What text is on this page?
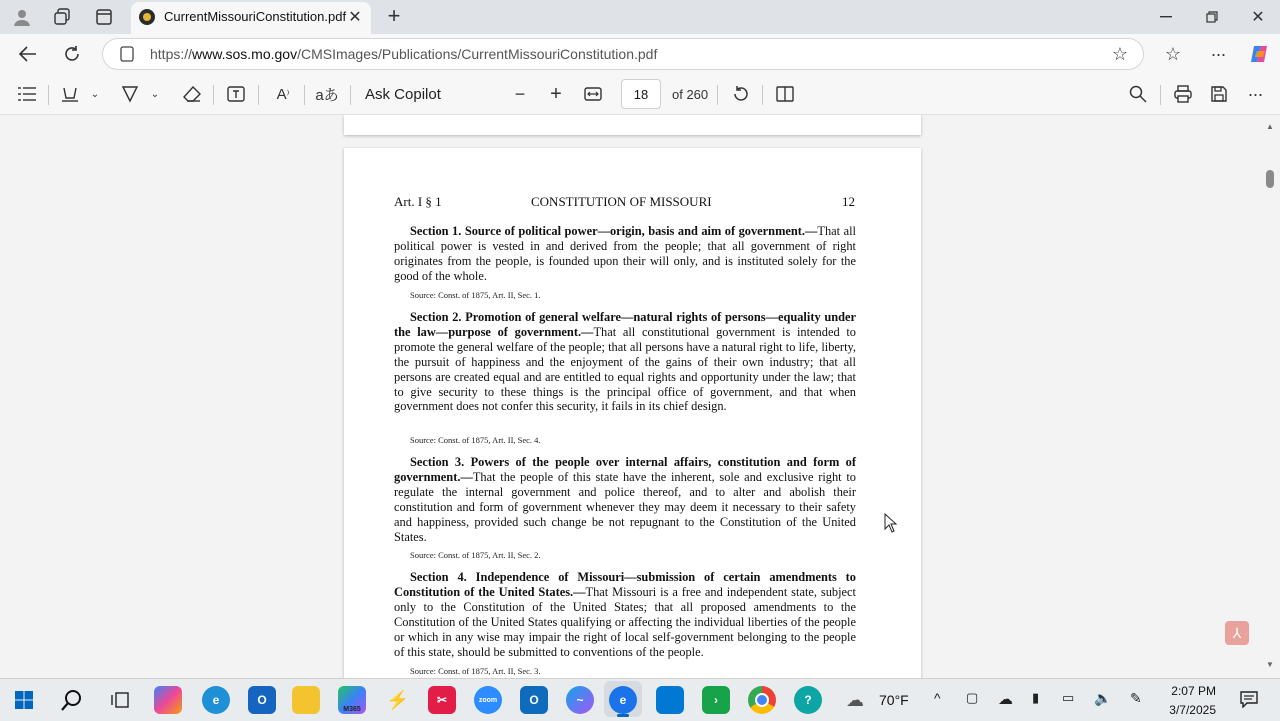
CurrentMissouriConstitution.pdf ✕ +	✕
https://www.sos.mo.gov/CMSImages/Publications/CurrentMissouriConstitution.pdf	☆ ☆	···
⌄	⌄	A ⁾ aあ Ask Copilot	− +	18	of 260	···
Art. I § 1	CONSTITUTION OF MISSOURI	12

Section 1. Source of political power—origin, basis and aim of government.—That all political power is vested in and derived from the people; that all government of right originates from the people, is founded upon their will only, and is instituted solely for the good of the whole.

Source: Const. of 1875, Art. II, Sec. 1.

Section 2. Promotion of general welfare—natural rights of persons—equality under the law—purpose of government.—That all constitutional government is intended to promote the general welfare of the people; that all persons have a natural right to life, liberty, the pursuit of happiness and the enjoyment of the gains of their own industry; that all persons are created equal and are entitled to equal rights and opportunity under the law; that to give security to these things is the principal office of government, and that when government does not confer this security, it fails in its chief design.

Source: Const. of 1875, Art. II, Sec. 4.

Section 3. Powers of the people over internal affairs, constitution and form of government.—That the people of this state have the inherent, sole and exclusive right to regulate the internal government and police thereof, and to alter and abolish their constitution and form of government whenever they may deem it necessary to their safety and happiness, provided such change be not repugnant to the Constitution of the United States.

Source: Const. of 1875, Art. II, Sec. 2.

Section 4. Independence of Missouri—submission of certain amendments to Constitution of the United States.—That Missouri is a free and independent state, subject only to the Constitution of the United States; that all proposed amendments to the Constitution of the United States qualifying or affecting the individual liberties of the people or which in any wise may impair the right of local self-government belonging to the people of this state, should be submitted to conventions of the people.

Source: Const. of 1875, Art. II, Sec. 3.
⅄
▲
▼
e	O
M365 ⚡	✂	zoom	O	~	e	›	?	☁	70°F ^	▢	☁	▮	▭	🔈 ✎	2:07 PM
3/7/2025
